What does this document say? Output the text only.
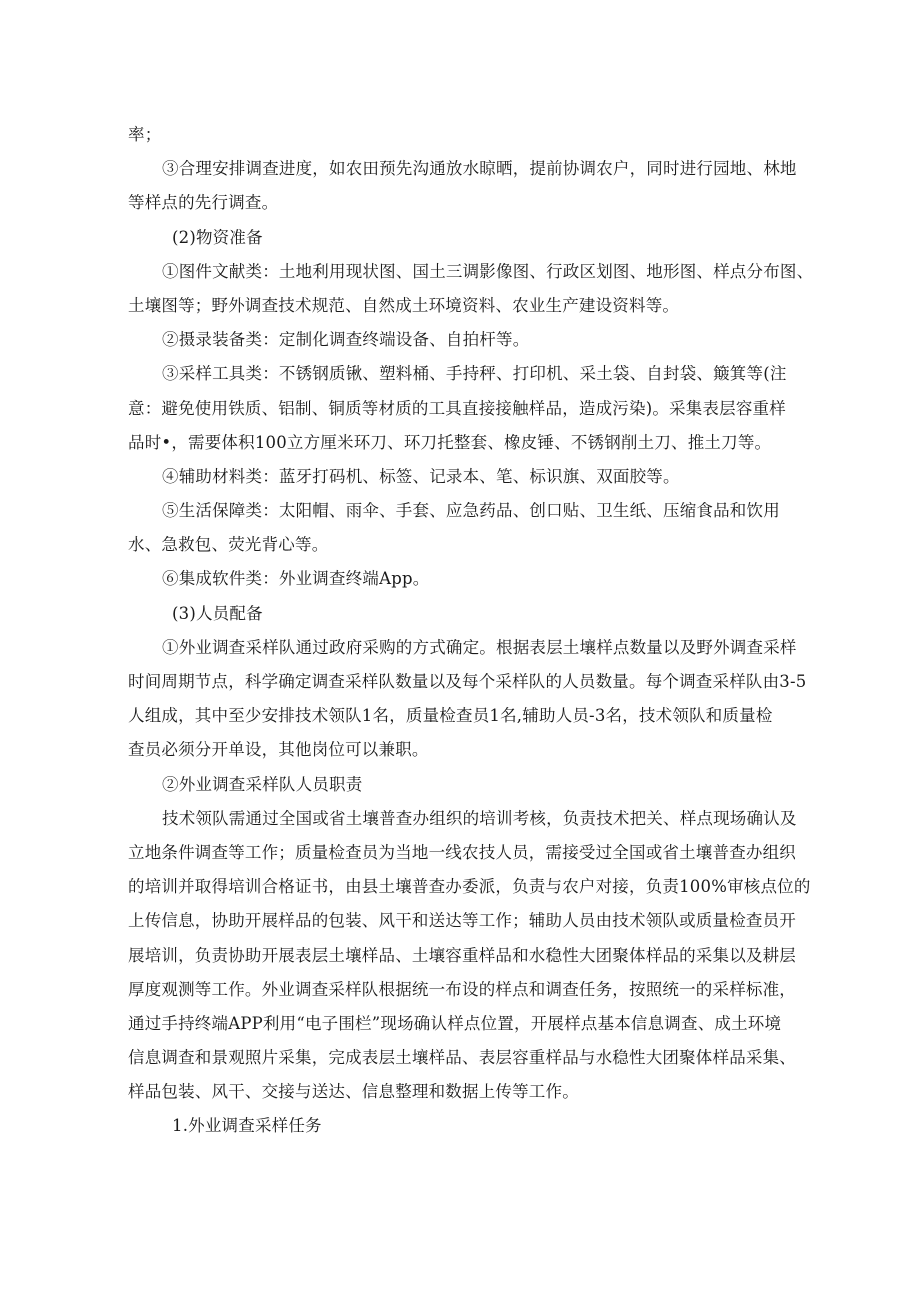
率；
③合理安排调查进度，如农田预先沟通放水晾晒，提前协调农户，同时进行园地、林地
等样点的先行调查。
(2)物资准备
①图件文献类：土地利用现状图、国土三调影像图、行政区划图、地形图、样点分布图、
土壤图等；野外调查技术规范、自然成土环境资料、农业生产建设资料等。
②摄录装备类：定制化调查终端设备、自拍杆等。
③采样工具类：不锈钢质锹、塑料桶、手持秤、打印机、采土袋、自封袋、簸箕等(注
意：避免使用铁质、铝制、铜质等材质的工具直接接触样品，造成污染)。采集表层容重样
品时•，需要体积100立方厘米环刀、环刀托整套、橡皮锤、不锈钢削土刀、推土刀等。
④辅助材料类：蓝牙打码机、标签、记录本、笔、标识旗、双面胶等。
⑤生活保障类：太阳帽、雨伞、手套、应急药品、创口贴、卫生纸、压缩食品和饮用
水、急救包、荧光背心等。
⑥集成软件类：外业调查终端App。
(3)人员配备
①外业调查采样队通过政府采购的方式确定。根据表层土壤样点数量以及野外调查采样
时间周期节点，科学确定调查采样队数量以及每个采样队的人员数量。每个调查采样队由3-5
人组成，其中至少安排技术领队1名，质量检查员1名,辅助人员-3名，技术领队和质量检
查员必须分开单设，其他岗位可以兼职。
②外业调查采样队人员职责
技术领队需通过全国或省土壤普查办组织的培训考核，负责技术把关、样点现场确认及
立地条件调查等工作；质量检查员为当地一线农技人员，需接受过全国或省土壤普查办组织
的培训并取得培训合格证书，由县土壤普查办委派，负责与农户对接，负责100%审核点位的
上传信息，协助开展样品的包装、风干和送达等工作；辅助人员由技术领队或质量检查员开
展培训，负责协助开展表层土壤样品、土壤容重样品和水稳性大团聚体样品的采集以及耕层
厚度观测等工作。外业调查采样队根据统一布设的样点和调查任务，按照统一的采样标准，
通过手持终端APP利用“电子围栏”现场确认样点位置，开展样点基本信息调查、成土环境
信息调查和景观照片采集，完成表层土壤样品、表层容重样品与水稳性大团聚体样品采集、
样品包装、风干、交接与送达、信息整理和数据上传等工作。
1.外业调查采样任务
